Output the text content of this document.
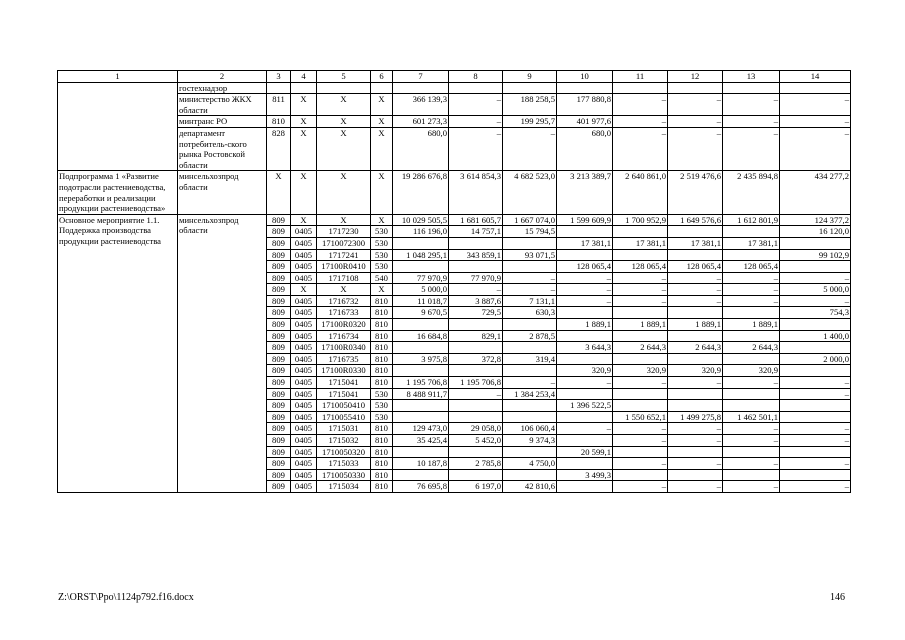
1	2	3	4	5	6	7	8	9	10	11	12	13	14
	гостехнадзор												
	министерство ЖКХ области	811	Х	Х	Х	366 139,3	–	188 258,5	177 880,8	–	–	–	–
	минтранс РО	810	Х	Х	Х	601 273,3	–	199 295,7	401 977,6	–	–	–	–
	департамент потребитель-ского рынка Ростовской области	828	Х	Х	Х	680,0	–	–	680,0	–	–	–	–
Подпрограмма 1 «Развитие подотрасли растениеводства, переработки и реализации продукции растениеводства»	минсельхозпрод области	Х	Х	Х	Х	19 286 676,8	3 614 854,3	4 682 523,0	3 213 389,7	2 640 861,0	2 519 476,6	2 435 894,8	434 277,2
Основное мероприятие 1.1. Поддержка производства продукции растениеводства	минсельхозпрод области	809	Х	Х	Х	10 029 505,5	1 681 605,7	1 667 074,0	1 599 609,9	1 700 952,9	1 649 576,6	1 612 801,9	124 377,2
		809	0405	1717230	530	116 196,0	14 757,1	15 794,5					16 120,0
		809	0405	1710072300	530				17 381,1	17 381,1	17 381,1	17 381,1	
		809	0405	1717241	530	1 048 295,1	343 859,1	93 071,5					99 102,9
		809	0405	17100R0410	530				128 065,4	128 065,4	128 065,4	128 065,4	
		809	0405	1717108	540	77 970,9	77 970,9	–	–	–	–	–	–
		809	Х	Х	Х	5 000,0	–	–	–	–	–	–	5 000,0
		809	0405	1716732	810	11 018,7	3 887,6	7 131,1	–	–	–	–	–
		809	0405	1716733	810	9 670,5	729,5	630,3					754,3
		809	0405	17100R0320	810				1 889,1	1 889,1	1 889,1	1 889,1	
		809	0405	1716734	810	16 684,8	829,1	2 878,5					1 400,0
		809	0405	17100R0340	810				3 644,3	2 644,3	2 644,3	2 644,3	
		809	0405	1716735	810	3 975,8	372,8	319,4					2 000,0
		809	0405	17100R0330	810				320,9	320,9	320,9	320,9	
		809	0405	1715041	810	1 195 706,8	1 195 706,8	–	–	–	–	–	–
		809	0405	1715041	530	8 488 911,7	–	1 384 253,4					–
		809	0405	1710050410	530				1 396 522,5				
		809	0405	1710055410	530					1 550 652,1	1 499 275,8	1 462 501,1	
		809	0405	1715031	810	129 473,0	29 058,0	106 060,4	–	–	–	–	–
		809	0405	1715032	810	35 425,4	5 452,0	9 374,3		–	–	–	–
		809	0405	1710050320	810				20 599,1				
		809	0405	1715033	810	10 187,8	2 785,8	4 750,0		–	–	–	–
		809	0405	1710050330	810				3 499,3				
		809	0405	1715034	810	76 695,8	6 197,0	42 810,6		–	–	–	–
Z:\ORST\Ppo\1124p792.f16.docx	146
